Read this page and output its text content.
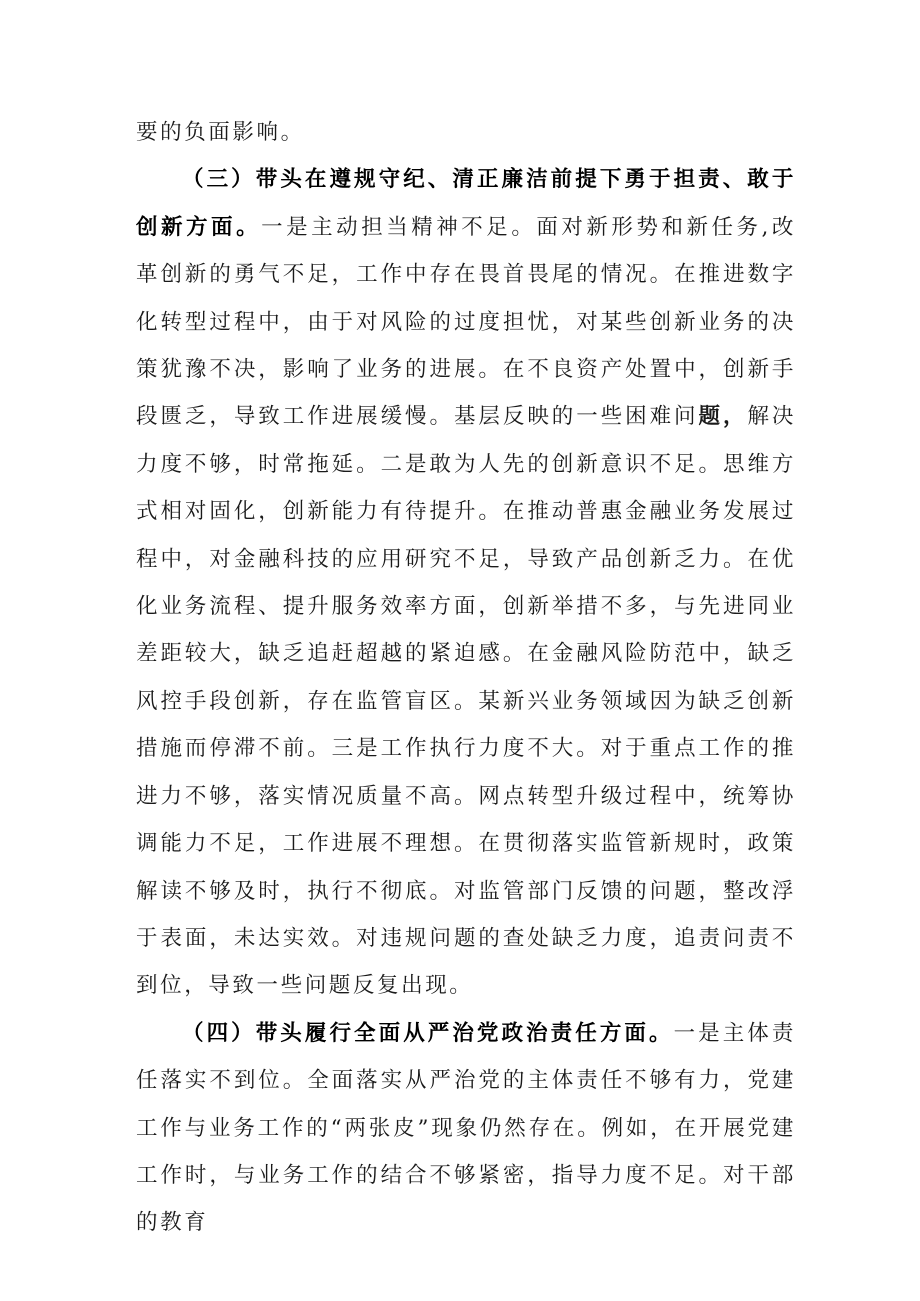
要的负面影响。

（三）带头在遵规守纪、清正廉洁前提下勇于担责、敢于创新方面。一是主动担当精神不足。面对新形势和新任务,改革创新的勇气不足，工作中存在畏首畏尾的情况。在推进数字化转型过程中，由于对风险的过度担忧，对某些创新业务的决策犹豫不决，影响了业务的进展。在不良资产处置中，创新手段匮乏，导致工作进展缓慢。基层反映的一些困难问题，解决力度不够，时常拖延。二是敢为人先的创新意识不足。思维方式相对固化，创新能力有待提升。在推动普惠金融业务发展过程中，对金融科技的应用研究不足，导致产品创新乏力。在优化业务流程、提升服务效率方面，创新举措不多，与先进同业差距较大，缺乏追赶超越的紧迫感。在金融风险防范中，缺乏风控手段创新，存在监管盲区。某新兴业务领域因为缺乏创新措施而停滞不前。三是工作执行力度不大。对于重点工作的推进力不够，落实情况质量不高。网点转型升级过程中，统筹协调能力不足，工作进展不理想。在贯彻落实监管新规时，政策解读不够及时，执行不彻底。对监管部门反馈的问题，整改浮于表面，未达实效。对违规问题的查处缺乏力度，追责问责不到位，导致一些问题反复出现。

（四）带头履行全面从严治党政治责任方面。一是主体责任落实不到位。全面落实从严治党的主体责任不够有力，党建工作与业务工作的“两张皮”现象仍然存在。例如，在开展党建工作时，与业务工作的结合不够紧密，指导力度不足。对干部的教育
